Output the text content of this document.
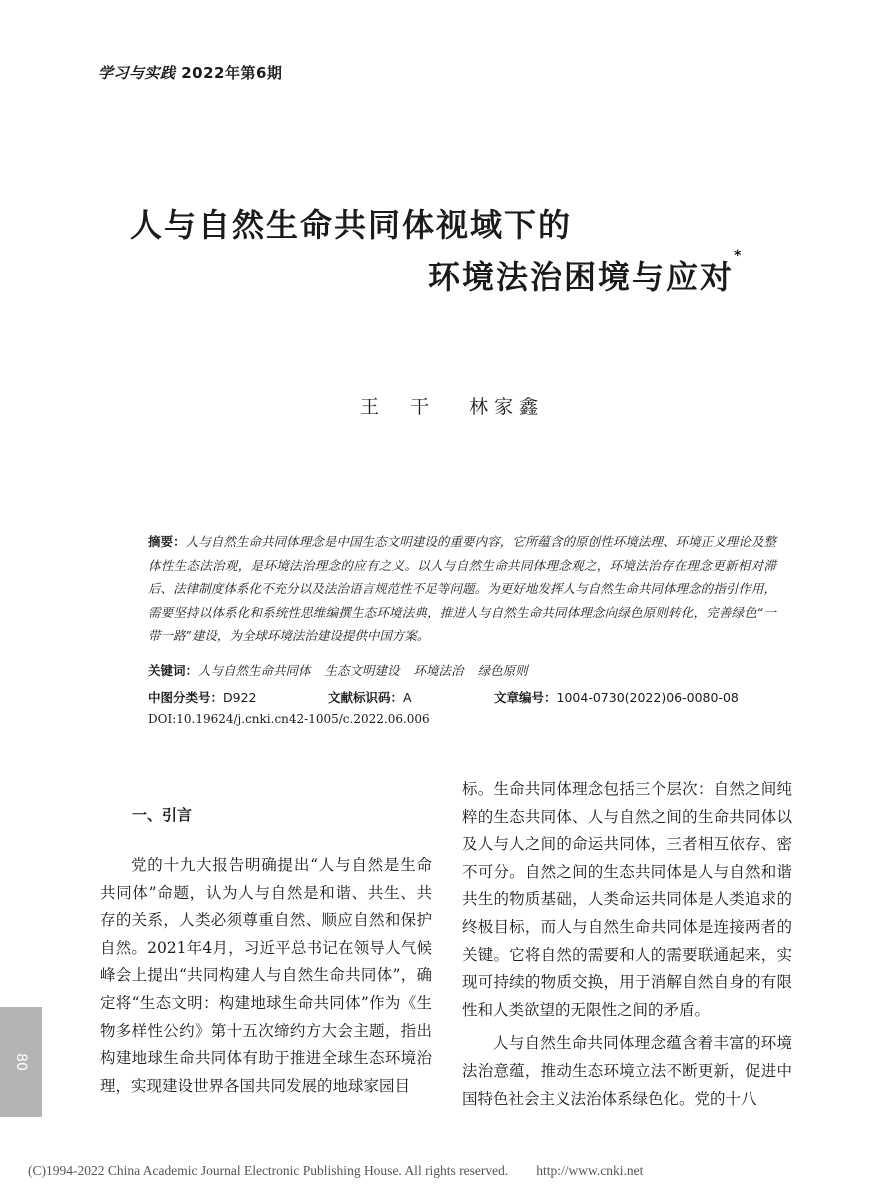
学习与实践 2022年第6期
人与自然生命共同体视域下的
环境法治困境与应对*
王　干 林家鑫
摘要：人与自然生命共同体理念是中国生态文明建设的重要内容，它所蕴含的原创性环境法理、环境正义理论及整体性生态法治观，是环境法治理念的应有之义。以人与自然生命共同体理念观之，环境法治存在理念更新相对滞后、法律制度体系化不充分以及法治语言规范性不足等问题。为更好地发挥人与自然生命共同体理念的指引作用，需要坚持以体系化和系统性思维编撰生态环境法典，推进人与自然生命共同体理念向绿色原则转化，完善绿色“一带一路”建设，为全球环境法治建设提供中国方案。
关键词：人与自然生命共同体 生态文明建设 环境法治 绿色原则
中图分类号：D922	文献标识码：A	文章编号：1004-0730(2022)06-0080-08
DOI:10.19624/j.cnki.cn42-1005/c.2022.06.006
一、引言

党的十九大报告明确提出“人与自然是生命共同体”命题，认为人与自然是和谐、共生、共存的关系，人类必须尊重自然、顺应自然和保护自然。2021年4月，习近平总书记在领导人气候峰会上提出“共同构建人与自然生命共同体”，确定将“生态文明：构建地球生命共同体”作为《生物多样性公约》第十五次缔约方大会主题，指出构建地球生命共同体有助于推进全球生态环境治理，实现建设世界各国共同发展的地球家园目

标。生命共同体理念包括三个层次：自然之间纯粹的生态共同体、人与自然之间的生命共同体以及人与人之间的命运共同体，三者相互依存、密不可分。自然之间的生态共同体是人与自然和谐共生的物质基础，人类命运共同体是人类追求的终极目标，而人与自然生命共同体是连接两者的关键。它将自然的需要和人的需要联通起来，实现可持续的物质交换，用于消解自然自身的有限性和人类欲望的无限性之间的矛盾。

人与自然生命共同体理念蕴含着丰富的环境法治意蕴，推动生态环境立法不断更新，促进中国特色社会主义法治体系绿色化。党的十八

80
(C)1994-2022 China Academic Journal Electronic Publishing House. All rights reserved. http://www.cnki.net
